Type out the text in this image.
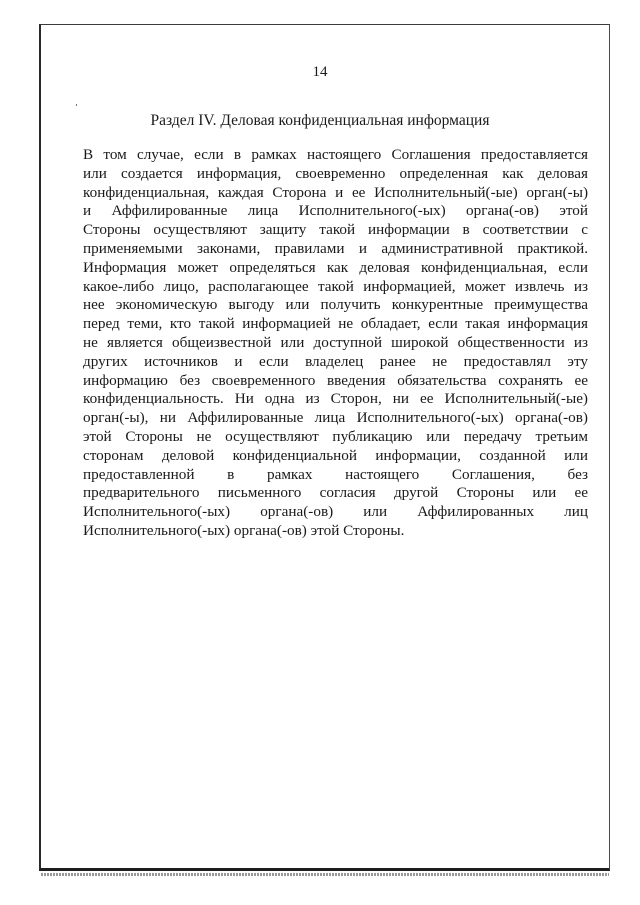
14
Раздел IV. Деловая конфиденциальная информация
В том случае, если в рамках настоящего Соглашения предоставляется
или создается информация, своевременно определенная как деловая
конфиденциальная, каждая Сторона и ее Исполнительный(-ые) орган(-ы)
и Аффилированные лица Исполнительного(-ых) органа(-ов) этой
Стороны осуществляют защиту такой информации в соответствии с
применяемыми законами, правилами и административной практикой.
Информация может определяться как деловая конфиденциальная, если
какое-либо лицо, располагающее такой информацией, может извлечь из
нее экономическую выгоду или получить конкурентные преимущества
перед теми, кто такой информацией не обладает, если такая информация
не является общеизвестной или доступной широкой общественности из
других источников и если владелец ранее не предоставлял эту
информацию без своевременного введения обязательства сохранять ее
конфиденциальность. Ни одна из Сторон, ни ее Исполнительный(-ые)
орган(-ы), ни Аффилированные лица Исполнительного(-ых) органа(-ов)
этой Стороны не осуществляют публикацию или передачу третьим
сторонам деловой конфиденциальной информации, созданной или
предоставленной в рамках настоящего Соглашения, без
предварительного письменного согласия другой Стороны или ее
Исполнительного(-ых) органа(-ов) или Аффилированных лиц
Исполнительного(-ых) органа(-ов) этой Стороны.
